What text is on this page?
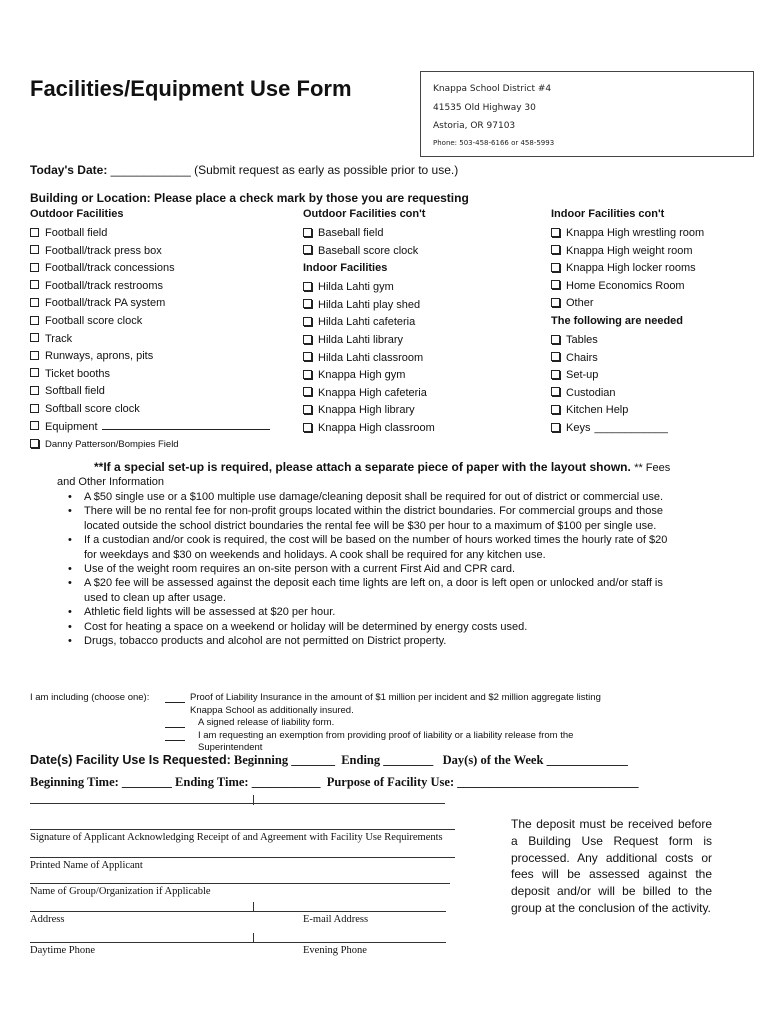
Facilities/Equipment Use Form	Knappa School District #4
41535 Old Highway 30
Astoria, OR 97103
Phone: 503-458-6166 or 458-5993
Today's Date: ____________ (Submit request as early as possible prior to use.)
Building or Location: Please place a check mark by those you are requesting
Outdoor Facilities
Football field
Football/track press box
Football/track concessions
Football/track restrooms
Football/track PA system
Football score clock
Track
Runways, aprons, pits
Ticket booths
Softball field
Softball score clock
Equipment
Outdoor Facilities con't
Baseball field
Baseball score clock
Indoor Facilities
Hilda Lahti gym
Hilda Lahti play shed
Hilda Lahti cafeteria
Hilda Lahti library
Hilda Lahti classroom
Knappa High gym
Knappa High cafeteria
Knappa High library
Knappa High classroom
Indoor Facilities con't
Knappa High wrestling room
Knappa High weight room
Knappa High locker rooms
Home Economics Room
Other
The following are needed
Tables
Chairs
Set-up
Custodian
Kitchen Help
Keys ____________
Danny Patterson/Bompies Field
**If a special set-up is required, please attach a separate piece of paper with the layout shown. ** Fees
and Other Information
• A $50 single use or a $100 multiple use damage/cleaning deposit shall be required for out of district or commercial use.
• There will be no rental fee for non-profit groups located within the district boundaries. For commercial groups and those located outside the school district boundaries the rental fee will be $30 per hour to a maximum of $100 per single use.
• If a custodian and/or cook is required, the cost will be based on the number of hours worked times the hourly rate of $20 for weekdays and $30 on weekends and holidays. A cook shall be required for any kitchen use.
• Use of the weight room requires an on-site person with a current First Aid and CPR card.
• A $20 fee will be assessed against the deposit each time lights are left on, a door is left open or unlocked and/or staff is used to clean up after usage.
• Athletic field lights will be assessed at $20 per hour.
• Cost for heating a space on a weekend or holiday will be determined by energy costs used.
• Drugs, tobacco products and alcohol are not permitted on District property.
I am including (choose one):	Proof of Liability Insurance in the amount of $1 million per incident and $2 million aggregate listing Knappa School as additionally insured.
A signed release of liability form.
I am requesting an exemption from providing proof of liability or a liability release from the Superintendent
Date(s) Facility Use Is Requested: Beginning _______ Ending ________ Day(s) of the Week _____________
Beginning Time: ________ Ending Time: ___________ Purpose of Facility Use: _____________________________
Signature of Applicant Acknowledging Receipt of and Agreement with Facility Use Requirements
Printed Name of Applicant
Name of Group/Organization if Applicable
Address	E-mail Address
Daytime Phone	Evening Phone
The deposit must be received before a Building Use Request form is processed. Any additional costs or fees will be assessed against the deposit and/or will be billed to the group at the conclusion of the activity.
